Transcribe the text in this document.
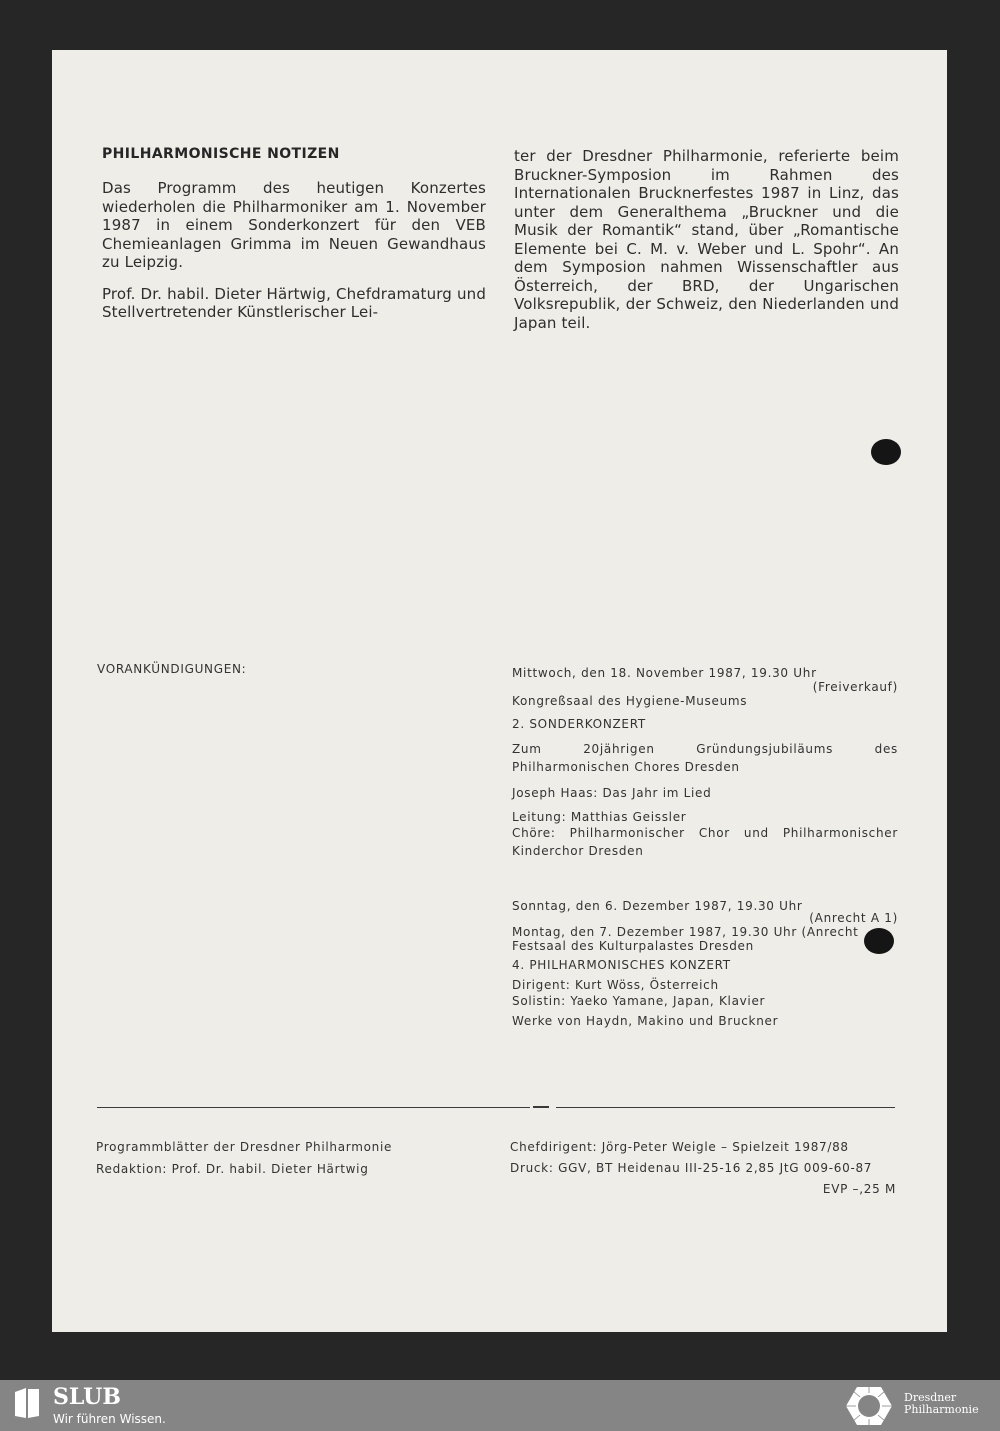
PHILHARMONISCHE NOTIZEN

Das Programm des heutigen Konzertes wiederholen die Philharmoniker am 1. November 1987 in einem Sonderkonzert für den VEB Chemieanlagen Grimma im Neuen Gewandhaus zu Leipzig.

Prof. Dr. habil. Dieter Härtwig, Chefdramaturg und Stellvertretender Künstlerischer Lei-

ter der Dresdner Philharmonie, referierte beim Bruckner-Symposion im Rahmen des Internationalen Brucknerfestes 1987 in Linz, das unter dem Generalthema „Bruckner und die Musik der Romantik“ stand, über „Romantische Elemente bei C. M. v. Weber und L. Spohr“. An dem Symposion nahmen Wissenschaftler aus Österreich, der BRD, der Ungarischen Volksrepublik, der Schweiz, den Niederlanden und Japan teil.

VORANKÜNDIGUNGEN:	Mittwoch, den 18. November 1987, 19.30 Uhr
(Freiverkauf)
Kongreßsaal des Hygiene-Museums
2. SONDERKONZERT
Zum 20jährigen Gründungsjubiläums des Philharmonischen Chores Dresden
Joseph Haas: Das Jahr im Lied
Leitung: Matthias Geissler
Chöre: Philharmonischer Chor und Philharmonischer Kinderchor Dresden
Sonntag, den 6. Dezember 1987, 19.30 Uhr
(Anrecht A 1)
Montag, den 7. Dezember 1987, 19.30 Uhr (Anrecht
Festsaal des Kulturpalastes Dresden
4. PHILHARMONISCHES KONZERT
Dirigent: Kurt Wöss, Österreich
Solistin: Yaeko Yamane, Japan, Klavier
Werke von Haydn, Makino und Bruckner
Programmblätter der Dresdner Philharmonie
Redaktion: Prof. Dr. habil. Dieter Härtwig
Chefdirigent: Jörg-Peter Weigle – Spielzeit 1987/88
Druck: GGV, BT Heidenau III-25-16 2,85 JtG 009-60-87
EVP –,25 M
SLUB
Wir führen Wissen.
Dresdner
Philharmonie
